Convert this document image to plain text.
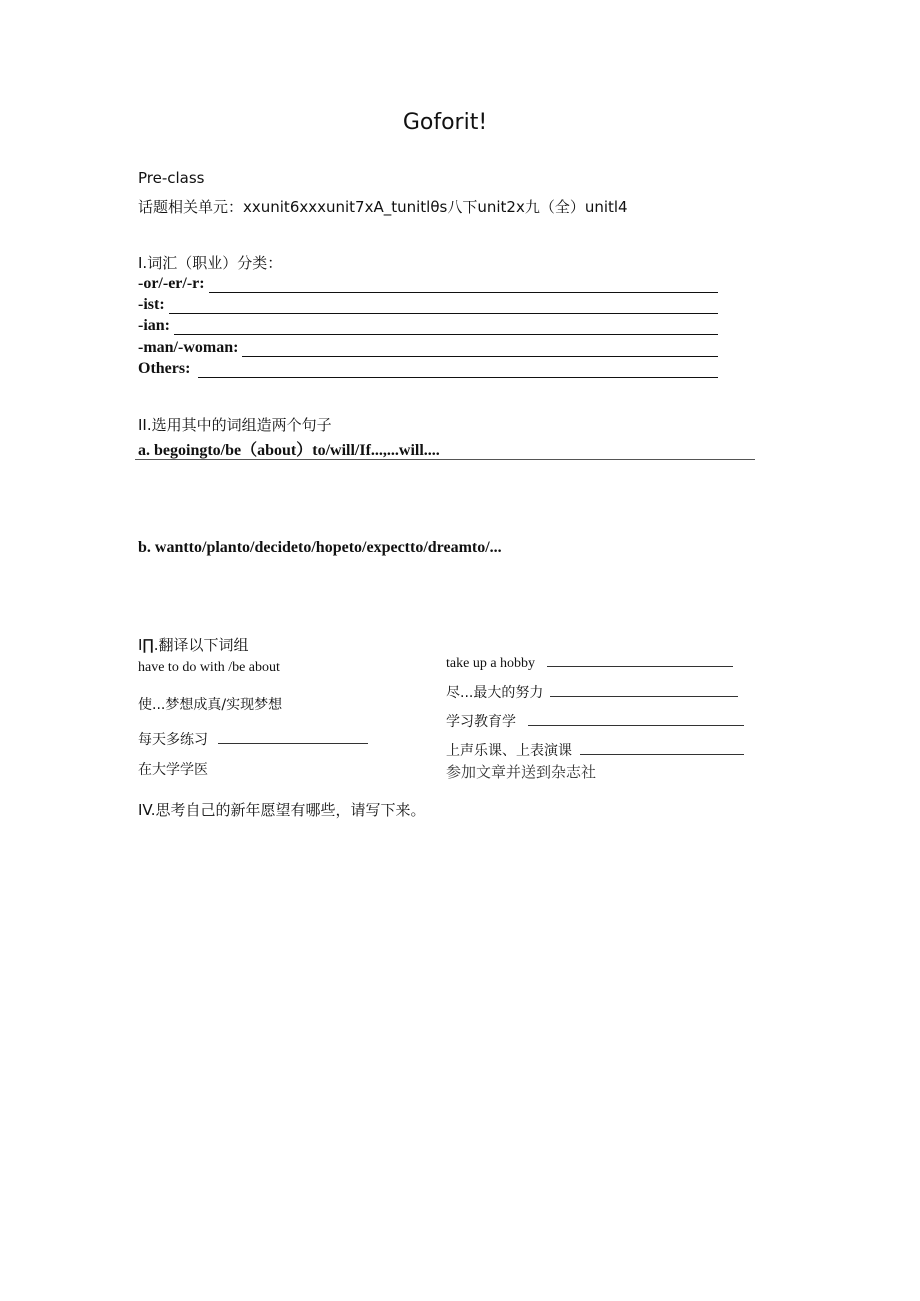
Goforit!
Pre-class
话题相关单元：xxunit6xxxunit7xA_tunitlθs八下unit2x九（全）unitl4
I.词汇（职业）分类：
-or/-er/-r:
-ist:
-ian:
-man/-woman:
Others:
II.选用其中的词组造两个句子
a. begoingto/be（about）to/will/If...,...will....
b. wantto/planto/decideto/hopeto/expectto/dreamto/...
I∏.翻译以下词组
have to do with /be about
使...梦想成真/实现梦想
每天多练习
在大学学医
take up a hobby
尽...最大的努力
学习教育学
上声乐课、上表演课
参加文章并送到杂志社
IV.思考自己的新年愿望有哪些，请写下来。
